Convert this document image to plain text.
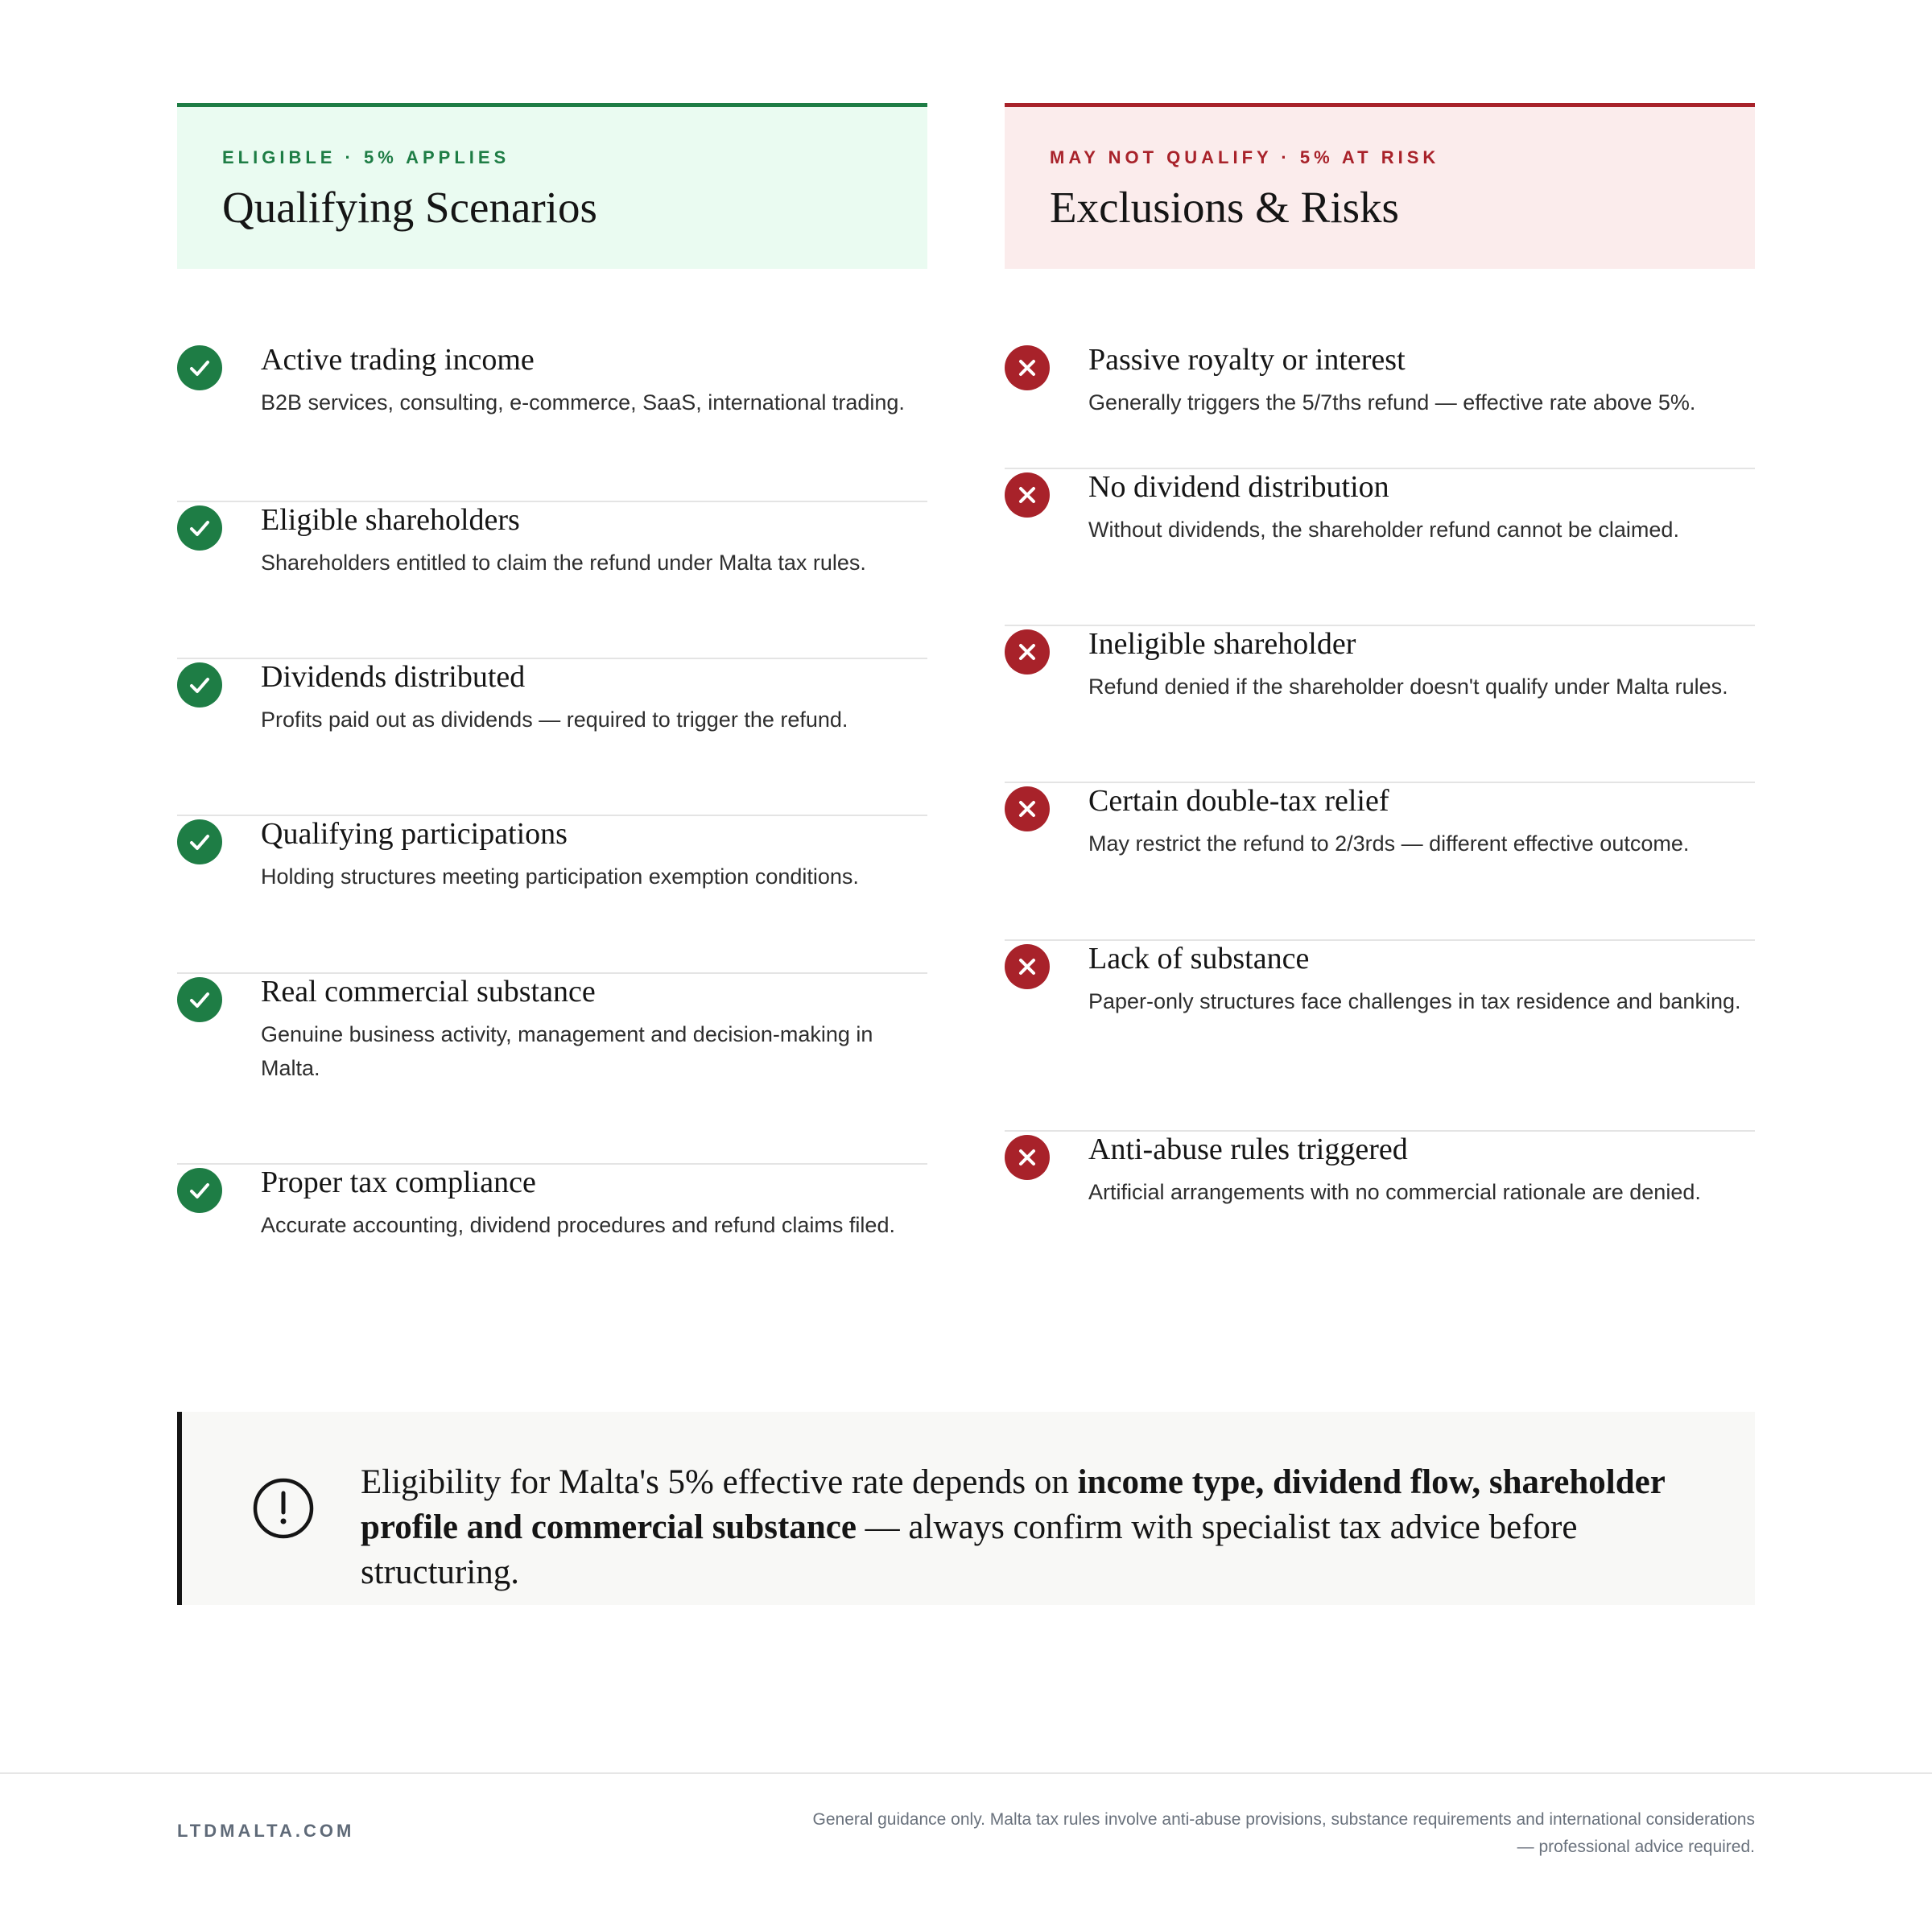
ELIGIBLE · 5% APPLIES
Qualifying Scenarios
Active trading income
B2B services, consulting, e-commerce, SaaS, international trading.
Eligible shareholders
Shareholders entitled to claim the refund under Malta tax rules.
Dividends distributed
Profits paid out as dividends — required to trigger the refund.
Qualifying participations
Holding structures meeting participation exemption conditions.
Real commercial substance
Genuine business activity, management and decision-making in Malta.
Proper tax compliance
Accurate accounting, dividend procedures and refund claims filed.
MAY NOT QUALIFY · 5% AT RISK
Exclusions & Risks
Passive royalty or interest
Generally triggers the 5/7ths refund — effective rate above 5%.
No dividend distribution
Without dividends, the shareholder refund cannot be claimed.
Ineligible shareholder
Refund denied if the shareholder doesn't qualify under Malta rules.
Certain double-tax relief
May restrict the refund to 2/3rds — different effective outcome.
Lack of substance
Paper-only structures face challenges in tax residence and banking.
Anti-abuse rules triggered
Artificial arrangements with no commercial rationale are denied.
Eligibility for Malta's 5% effective rate depends on income type, dividend flow, shareholder profile and commercial substance — always confirm with specialist tax advice before structuring.
LTDMALTA.COM
General guidance only. Malta tax rules involve anti-abuse provisions, substance requirements and international considerations
— professional advice required.
